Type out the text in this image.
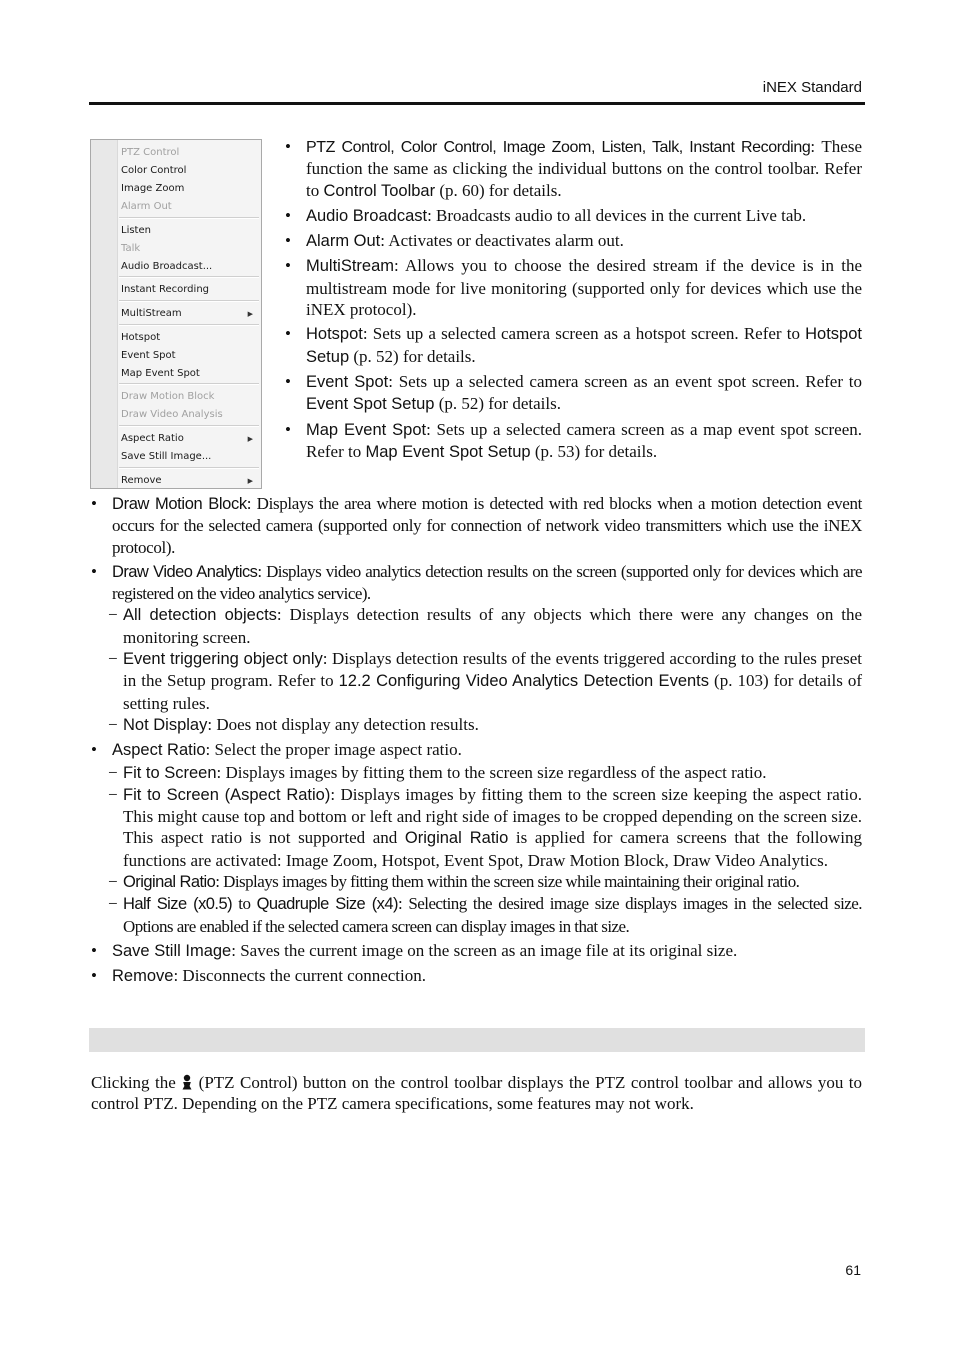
iNEX Standard
PTZ Control
Color Control
Image Zoom
Alarm Out
Listen
Talk
Audio Broadcast...
Instant Recording
MultiStream	▶
Hotspot
Event Spot
Map Event Spot
Draw Motion Block
Draw Video Analysis
Aspect Ratio	▶
Save Still Image...
Remove	▶
• PTZ Control, Color Control, Image Zoom, Listen, Talk, Instant Recording: These function the same as clicking the individual buttons on the control toolbar. Refer to Control Toolbar (p. 60) for details.
• Audio Broadcast: Broadcasts audio to all devices in the current Live tab.
• Alarm Out: Activates or deactivates alarm out.
• MultiStream: Allows you to choose the desired stream if the device is in the multistream mode for live monitoring (supported only for devices which use the iNEX protocol).
• Hotspot: Sets up a selected camera screen as a hotspot screen. Refer to Hotspot Setup (p. 52) for details.
• Event Spot: Sets up a selected camera screen as an event spot screen. Refer to Event Spot Setup (p. 52) for details.
• Map Event Spot: Sets up a selected camera screen as a map event spot screen. Refer to Map Event Spot Setup (p. 53) for details.
• Draw Motion Block: Displays the area where motion is detected with red blocks when a motion detection event occurs for the selected camera (supported only for connection of network video transmitters which use the iNEX protocol).
• Draw Video Analytics: Displays video analytics detection results on the screen (supported only for devices which are registered on the video analytics service).
− All detection objects: Displays detection results of any objects which there were any changes on the monitoring screen.
− Event triggering object only: Displays detection results of the events triggered according to the rules preset in the Setup program. Refer to 12.2 Configuring Video Analytics Detection Events (p. 103) for details of setting rules.
− Not Display: Does not display any detection results.
• Aspect Ratio: Select the proper image aspect ratio.
− Fit to Screen: Displays images by fitting them to the screen size regardless of the aspect ratio.
− Fit to Screen (Aspect Ratio): Displays images by fitting them to the screen size keeping the aspect ratio. This might cause top and bottom or left and right side of images to be cropped depending on the screen size. This aspect ratio is not supported and Original Ratio is applied for camera screens that the following functions are activated: Image Zoom, Hotspot, Event Spot, Draw Motion Block, Draw Video Analytics.
− Original Ratio: Displays images by fitting them within the screen size while maintaining their original ratio.
− Half Size (x0.5) to Quadruple Size (x4): Selecting the desired image size displays images in the selected size. Options are enabled if the selected camera screen can display images in that size.
• Save Still Image: Saves the current image on the screen as an image file at its original size.
• Remove: Disconnects the current connection.
Clicking the  (PTZ Control) button on the control toolbar displays the PTZ control toolbar and allows you to control PTZ. Depending on the PTZ camera specifications, some features may not work.
61
